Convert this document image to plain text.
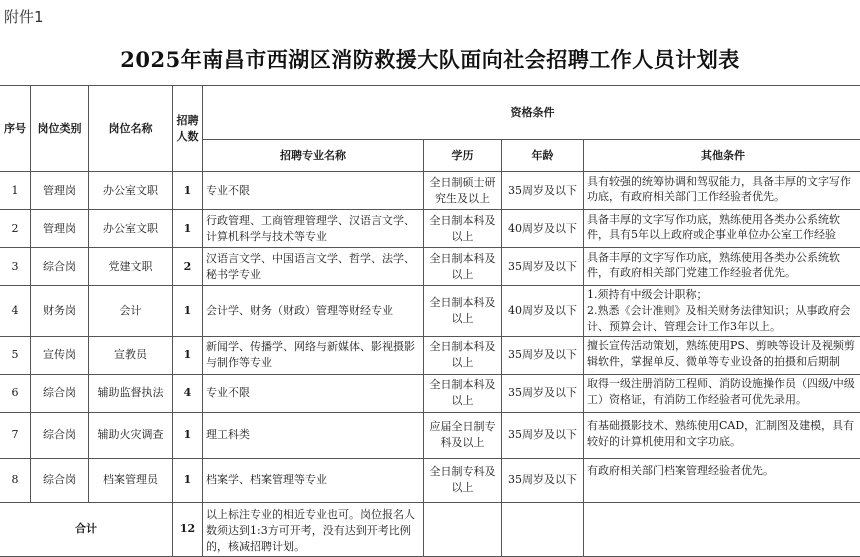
附件1
2025年南昌市西湖区消防救援大队面向社会招聘工作人员计划表
序号	岗位类别	岗位名称	招聘人数	资格条件			
				招聘专业名称	学历	年龄	其他条件
1	管理岗	办公室文职	1	专业不限	全日制硕士研究生及以上	35周岁及以下	具有较强的统筹协调和驾驭能力，具备丰厚的文字写作功底，有政府相关部门工作经验者优先。

2	管理岗	办公室文职	1	行政管理、工商管理管理学、汉语言文学、计算机科学与技术等专业	全日制本科及以上	40周岁及以下	具备丰厚的文字写作功底，熟练使用各类办公系统软件，具有5年以上政府或企事业单位办公室工作经验

3	综合岗	党建文职	2	汉语言文学、中国语言文学、哲学、法学、秘书学专业	全日制本科及以上	35周岁及以下	具备丰厚的文字写作功底，熟练使用各类办公系统软件，有政府相关部门党建工作经验者优先。

4	财务岗	会计	1	会计学、财务（财政）管理等财经专业	全日制本科及以上	40周岁及以下	1.须持有中级会计职称；
2.熟悉《会计准则》及相关财务法律知识；从事政府会计、预算会计、管理会计工作3年以上。

5	宣传岗	宣教员	1	新闻学、传播学、网络与新媒体、影视摄影与制作等专业	全日制本科及以上	35周岁及以下	擅长宣传活动策划，熟练使用PS、剪映等设计及视频剪辑软件，掌握单反、微单等专业设备的拍摄和后期制

6	综合岗	辅助监督执法	4	专业不限	全日制本科及以上	35周岁及以下	取得一级注册消防工程师、消防设施操作员（四级/中级工）资格证，有消防工作经验者可优先录用。

7	综合岗	辅助火灾调查	1	理工科类	应届全日制专科及以上	35周岁及以下	有基础摄影技术、熟练使用CAD，汇制图及建模，具有较好的计算机使用和文字功底。

8	综合岗	档案管理员	1	档案学、档案管理等专业	全日制专科及以上	35周岁及以下	有政府相关部门档案管理经验者优先。

合计			12	以上标注专业的相近专业也可。岗位报名人数须达到1:3方可开考，没有达到开考比例的，核减招聘计划。			
